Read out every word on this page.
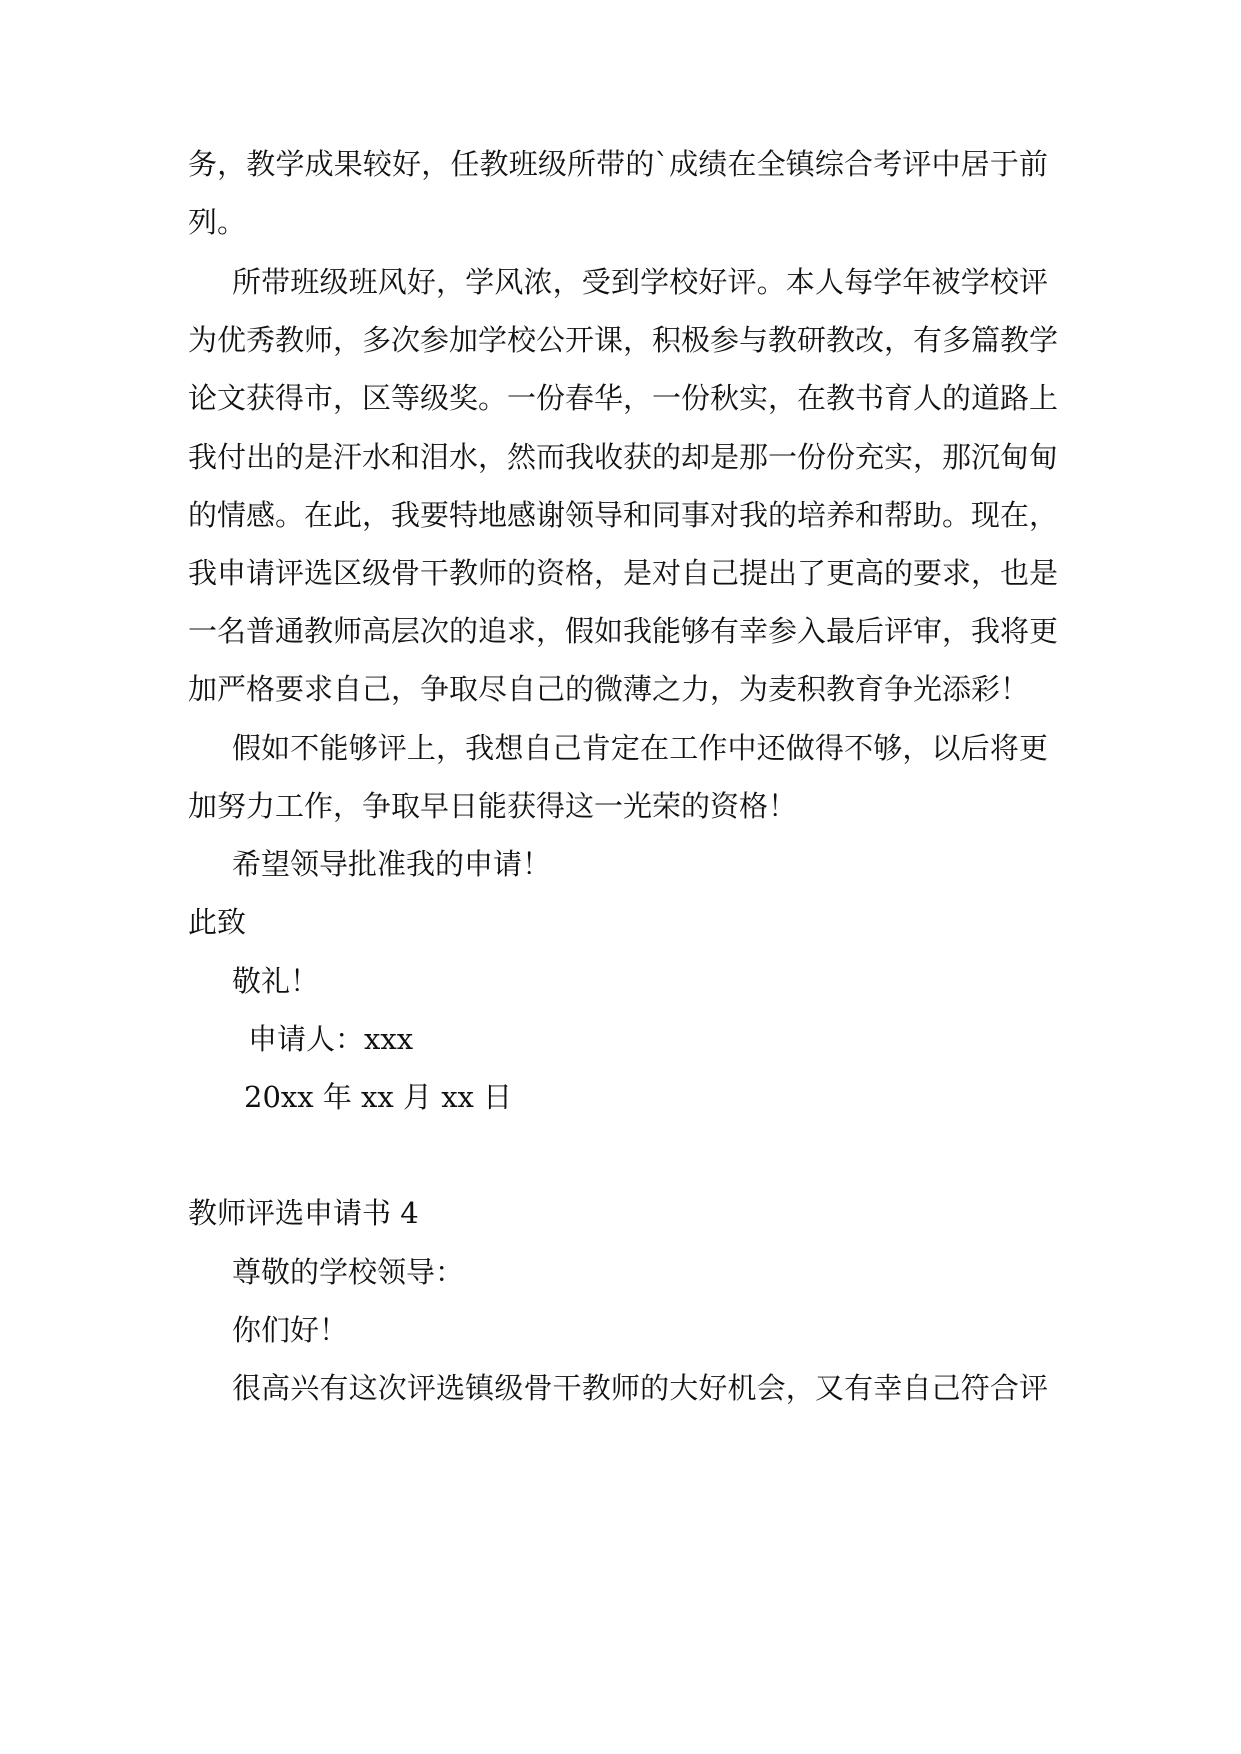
务，教学成果较好，任教班级所带的`成绩在全镇综合考评中居于前
列。
所带班级班风好，学风浓，受到学校好评。本人每学年被学校评
为优秀教师，多次参加学校公开课，积极参与教研教改，有多篇教学
论文获得市，区等级奖。一份春华，一份秋实，在教书育人的道路上
我付出的是汗水和泪水，然而我收获的却是那一份份充实，那沉甸甸
的情感。在此，我要特地感谢领导和同事对我的培养和帮助。现在，
我申请评选区级骨干教师的资格，是对自己提出了更高的要求，也是
一名普通教师高层次的追求，假如我能够有幸参入最后评审，我将更
加严格要求自己，争取尽自己的微薄之力，为麦积教育争光添彩！
假如不能够评上，我想自己肯定在工作中还做得不够，以后将更
加努力工作，争取早日能获得这一光荣的资格！
希望领导批准我的申请！
此致
敬礼！
申请人：xxx
20xx 年 xx 月 xx 日
教师评选申请书 4
尊敬的学校领导：
你们好！
很高兴有这次评选镇级骨干教师的大好机会，又有幸自己符合评
